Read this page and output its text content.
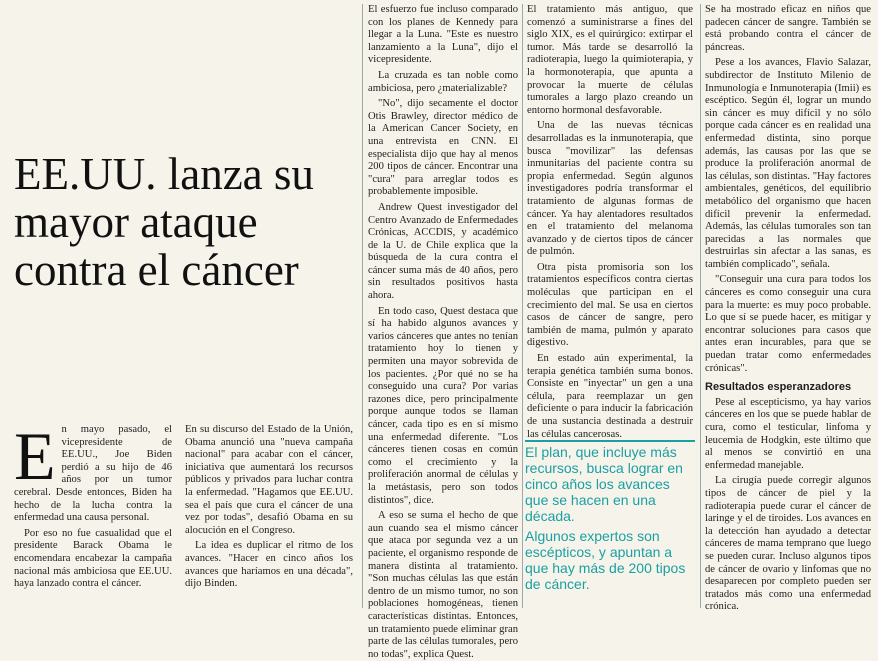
EE.UU. lanza su mayor ataque contra el cáncer

En mayo pasado, el vicepresidente de EE.UU., Joe Biden perdió a su hijo de 46 años por un tumor cerebral. Desde entonces, Biden ha hecho de la lucha contra la enfermedad una causa personal.

Por eso no fue casualidad que el presidente Barack Obama le encomendara encabezar la campaña nacional más ambiciosa que EE.UU. haya lanzado contra el cáncer.

En su discurso del Estado de la Unión, Obama anunció una "nueva campaña nacional" para acabar con el cáncer, iniciativa que aumentará los recursos públicos y privados para luchar contra la enfermedad. "Hagamos que EE.UU. sea el país que cura el cáncer de una vez por todas", desafió Obama en su alocución en el Congreso.

La idea es duplicar el ritmo de los avances. "Hacer en cinco años los avances que haríamos en una década", dijo Binden.

El esfuerzo fue incluso comparado con los planes de Kennedy para llegar a la Luna. "Este es nuestro lanzamiento a la Luna", dijo el vicepresidente.

La cruzada es tan noble como ambiciosa, pero ¿materializable?

"No", dijo secamente el doctor Otis Brawley, director médico de la American Cancer Society, en una entrevista en CNN. El especialista dijo que hay al menos 200 tipos de cáncer. Encontrar una "cura" para arreglar todos es probablemente imposible.

Andrew Quest investigador del Centro Avanzado de Enfermedades Crónicas, ACCDIS, y académico de la U. de Chile explica que la búsqueda de la cura contra el cáncer suma más de 40 años, pero sin resultados positivos hasta ahora.

En todo caso, Quest destaca que sí ha habido algunos avances y varios cánceres que antes no tenían tratamiento hoy lo tienen y permiten una mayor sobrevida de los pacientes. ¿Por qué no se ha conseguido una cura? Por varias razones dice, pero principalmente porque aunque todos se llaman cáncer, cada tipo es en sí mismo una enfermedad diferente. "Los cánceres tienen cosas en común como el crecimiento y la proliferación anormal de células y la metástasis, pero son todos distintos", dice.

A eso se suma el hecho de que aun cuando sea el mismo cáncer que ataca por segunda vez a un paciente, el organismo responde de manera distinta al tratamiento. "Son muchas células las que están dentro de un mismo tumor, no son poblaciones homogéneas, tienen características distintas. Entonces, un tratamiento puede eliminar gran parte de las células tumorales, pero no todas", explica Quest.

El tratamiento más antiguo, que comenzó a suministrarse a fines del siglo XIX, es el quirúrgico: extirpar el tumor. Más tarde se desarrolló la radioterapia, luego la quimioterapia, y la hormonoterapia, que apunta a provocar la muerte de células tumorales a largo plazo creando un entorno hormonal desfavorable.

Una de las nuevas técnicas desarrolladas es la inmunoterapia, que busca "movilizar" las defensas inmunitarias del paciente contra su propia enfermedad. Según algunos investigadores podría transformar el tratamiento de algunas formas de cáncer. Ya hay alentadores resultados en el tratamiento del melanoma avanzado y de ciertos tipos de cáncer de pulmón.

Otra pista promisoria son los tratamientos específicos contra ciertas moléculas que participan en el crecimiento del mal. Se usa en ciertos casos de cáncer de sangre, pero también de mama, pulmón y aparato digestivo.

En estado aún experimental, la terapia genética también suma bonos. Consiste en "inyectar" un gen a una célula, para reemplazar un gen deficiente o para inducir la fabricación de una sustancia destinada a destruir las células cancerosas.

El plan, que incluye más recursos, busca lograr en cinco años los avances que se hacen en una década.
Algunos expertos son escépticos, y apuntan a que hay más de 200 tipos de cáncer.

Se ha mostrado eficaz en niños que padecen cáncer de sangre. También se está probando contra el cáncer de páncreas.

Pese a los avances, Flavio Salazar, subdirector de Instituto Milenio de Inmunología e Inmunoterapia (Imii) es escéptico. Según él, lograr un mundo sin cáncer es muy difícil y no sólo porque cada cáncer es en realidad una enfermedad distinta, sino porque además, las causas por las que se produce la proliferación anormal de las células, son distintas. "Hay factores ambientales, genéticos, del equilibrio metabólico del organismo que hacen difícil prevenir la enfermedad. Además, las células tumorales son tan parecidas a las normales que destruirlas sin afectar a las sanas, es también complicado", señala.

"Conseguir una cura para todos los cánceres es como conseguir una cura para la muerte: es muy poco probable. Lo que sí se puede hacer, es mitigar y encontrar soluciones para casos que antes eran incurables, para que se puedan tratar como enfermedades crónicas".

Resultados esperanzadores

Pese al escepticismo, ya hay varios cánceres en los que se puede hablar de cura, como el testicular, linfoma y leucemia de Hodgkin, este último que al menos se convirtió en una enfermedad manejable.

La cirugía puede corregir algunos tipos de cáncer de piel y la radioterapia puede curar el cáncer de laringe y el de tiroides. Los avances en la detección han ayudado a detectar cánceres de mama temprano que luego se pueden curar. Incluso algunos tipos de cáncer de ovario y linfomas que no desaparecen por completo pueden ser tratados más como una enfermedad crónica.
